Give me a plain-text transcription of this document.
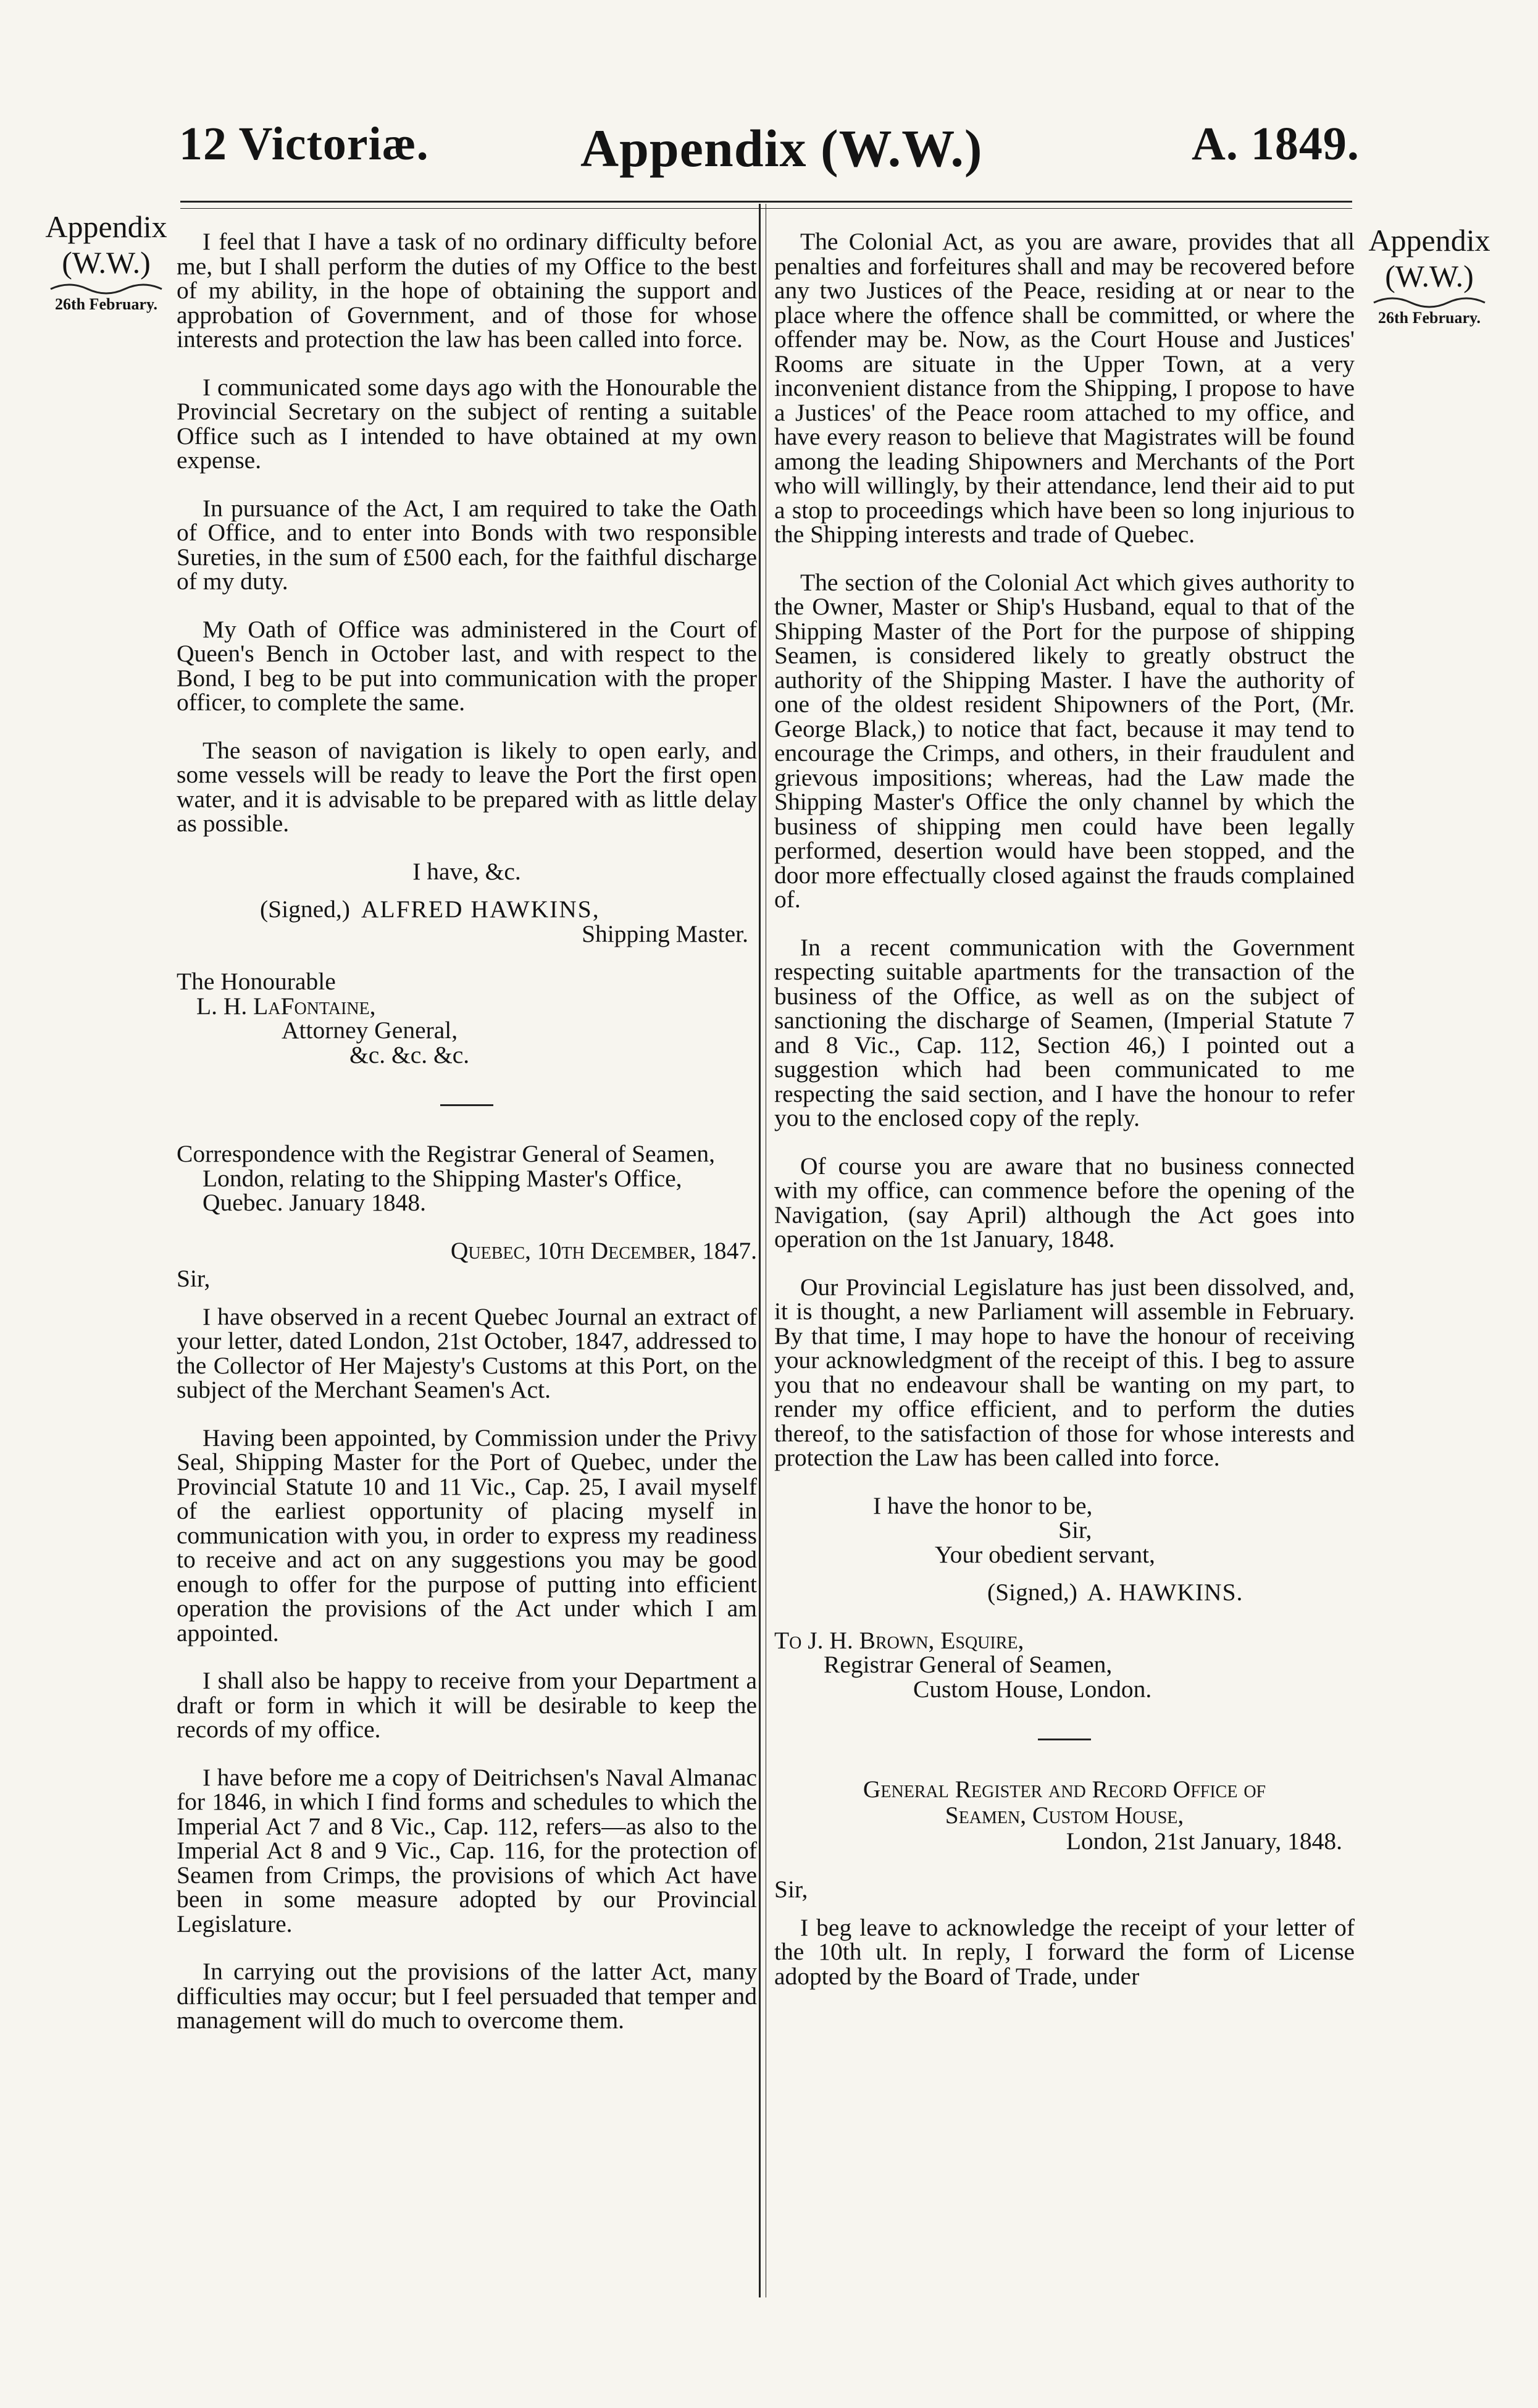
12 Victoriæ.	Appendix (W.W.)	A. 1849.
Appendix
(W.W.)
26th February.
Appendix
(W.W.)
26th February.

I feel that I have a task of no ordinary difficulty before me, but I shall perform the duties of my Office to the best of my ability, in the hope of obtaining the support and approbation of Government, and of those for whose interests and protection the law has been called into force.

I communicated some days ago with the Honourable the Provincial Secretary on the subject of renting a suitable Office such as I intended to have obtained at my own expense.

In pursuance of the Act, I am required to take the Oath of Office, and to enter into Bonds with two responsible Sureties, in the sum of £500 each, for the faithful discharge of my duty.

My Oath of Office was administered in the Court of Queen's Bench in October last, and with respect to the Bond, I beg to be put into communication with the proper officer, to complete the same.

The season of navigation is likely to open early, and some vessels will be ready to leave the Port the first open water, and it is advisable to be prepared with as little delay as possible.

I have, &c.

(Signed,) ALFRED HAWKINS,
Shipping Master.

The Honourable
L. H. LaFontaine,
Attorney General,
&c. &c. &c.

Correspondence with the Registrar General of Seamen, London, relating to the Shipping Master's Office, Quebec. January 1848.

Quebec, 10th December, 1847.

Sir,

I have observed in a recent Quebec Journal an extract of your letter, dated London, 21st October, 1847, addressed to the Collector of Her Majesty's Customs at this Port, on the subject of the Merchant Seamen's Act.

Having been appointed, by Commission under the Privy Seal, Shipping Master for the Port of Quebec, under the Provincial Statute 10 and 11 Vic., Cap. 25, I avail myself of the earliest opportunity of placing myself in communication with you, in order to express my readiness to receive and act on any suggestions you may be good enough to offer for the purpose of putting into efficient operation the provisions of the Act under which I am appointed.

I shall also be happy to receive from your Department a draft or form in which it will be desirable to keep the records of my office.

I have before me a copy of Deitrichsen's Naval Almanac for 1846, in which I find forms and schedules to which the Imperial Act 7 and 8 Vic., Cap. 112, refers—as also to the Imperial Act 8 and 9 Vic., Cap. 116, for the protection of Seamen from Crimps, the provisions of which Act have been in some measure adopted by our Provincial Legislature.

In carrying out the provisions of the latter Act, many difficulties may occur; but I feel persuaded that temper and management will do much to overcome them.

The Colonial Act, as you are aware, provides that all penalties and forfeitures shall and may be recovered before any two Justices of the Peace, residing at or near to the place where the offence shall be committed, or where the offender may be. Now, as the Court House and Justices' Rooms are situate in the Upper Town, at a very inconvenient distance from the Shipping, I propose to have a Justices' of the Peace room attached to my office, and have every reason to believe that Magistrates will be found among the leading Shipowners and Merchants of the Port who will willingly, by their attendance, lend their aid to put a stop to proceedings which have been so long injurious to the Shipping interests and trade of Quebec.

The section of the Colonial Act which gives authority to the Owner, Master or Ship's Husband, equal to that of the Shipping Master of the Port for the purpose of shipping Seamen, is considered likely to greatly obstruct the authority of the Shipping Master. I have the authority of one of the oldest resident Shipowners of the Port, (Mr. George Black,) to notice that fact, because it may tend to encourage the Crimps, and others, in their fraudulent and grievous impositions; whereas, had the Law made the Shipping Master's Office the only channel by which the business of shipping men could have been legally performed, desertion would have been stopped, and the door more effectually closed against the frauds complained of.

In a recent communication with the Government respecting suitable apartments for the transaction of the business of the Office, as well as on the subject of sanctioning the discharge of Seamen, (Imperial Statute 7 and 8 Vic., Cap. 112, Section 46,) I pointed out a suggestion which had been communicated to me respecting the said section, and I have the honour to refer you to the enclosed copy of the reply.

Of course you are aware that no business connected with my office, can commence before the opening of the Navigation, (say April) although the Act goes into operation on the 1st January, 1848.

Our Provincial Legislature has just been dissolved, and, it is thought, a new Parliament will assemble in February. By that time, I may hope to have the honour of receiving your acknowledgment of the receipt of this. I beg to assure you that no endeavour shall be wanting on my part, to render my office efficient, and to perform the duties thereof, to the satisfaction of those for whose interests and protection the Law has been called into force.

I have the honor to be,
Sir,
Your obedient servant,

(Signed,) A. HAWKINS.

To J. H. Brown, Esquire,
Registrar General of Seamen,
Custom House, London.

General Register and Record Office of
Seamen, Custom House,
London, 21st January, 1848.

Sir,

I beg leave to acknowledge the receipt of your letter of the 10th ult. In reply, I forward the form of License adopted by the Board of Trade, under
